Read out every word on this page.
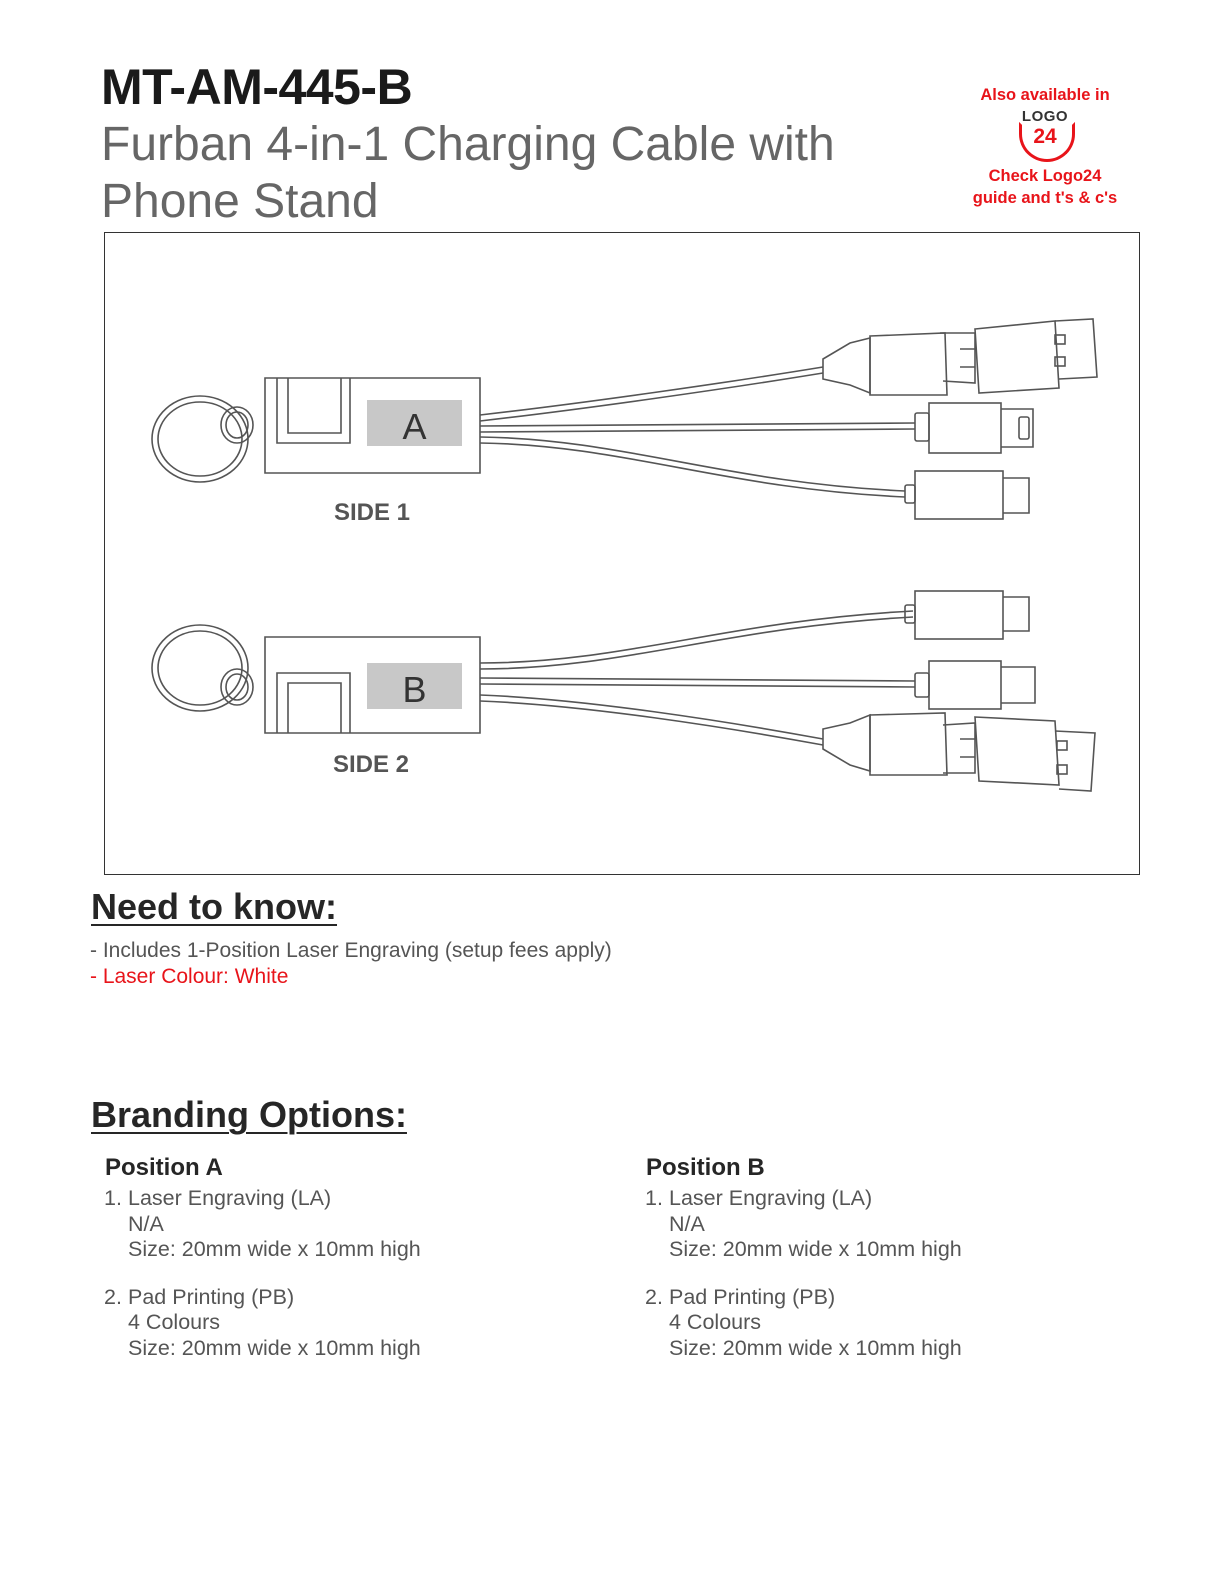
MT-AM-445-B
Furban 4-in-1 Charging Cable with
Phone Stand
Also available in
LOGO
24
Check Logo24
guide and t's & c's
A
B
SIDE 1
SIDE 2
Need to know:
- Includes 1-Position Laser Engraving (setup fees apply)
- Laser Colour: White
Branding Options:
Position A
1. Laser Engraving (LA)
N/A
Size: 20mm wide x 10mm high
2. Pad Printing (PB)
4 Colours
Size: 20mm wide x 10mm high
Position B
1. Laser Engraving (LA)
N/A
Size: 20mm wide x 10mm high
2. Pad Printing (PB)
4 Colours
Size: 20mm wide x 10mm high
